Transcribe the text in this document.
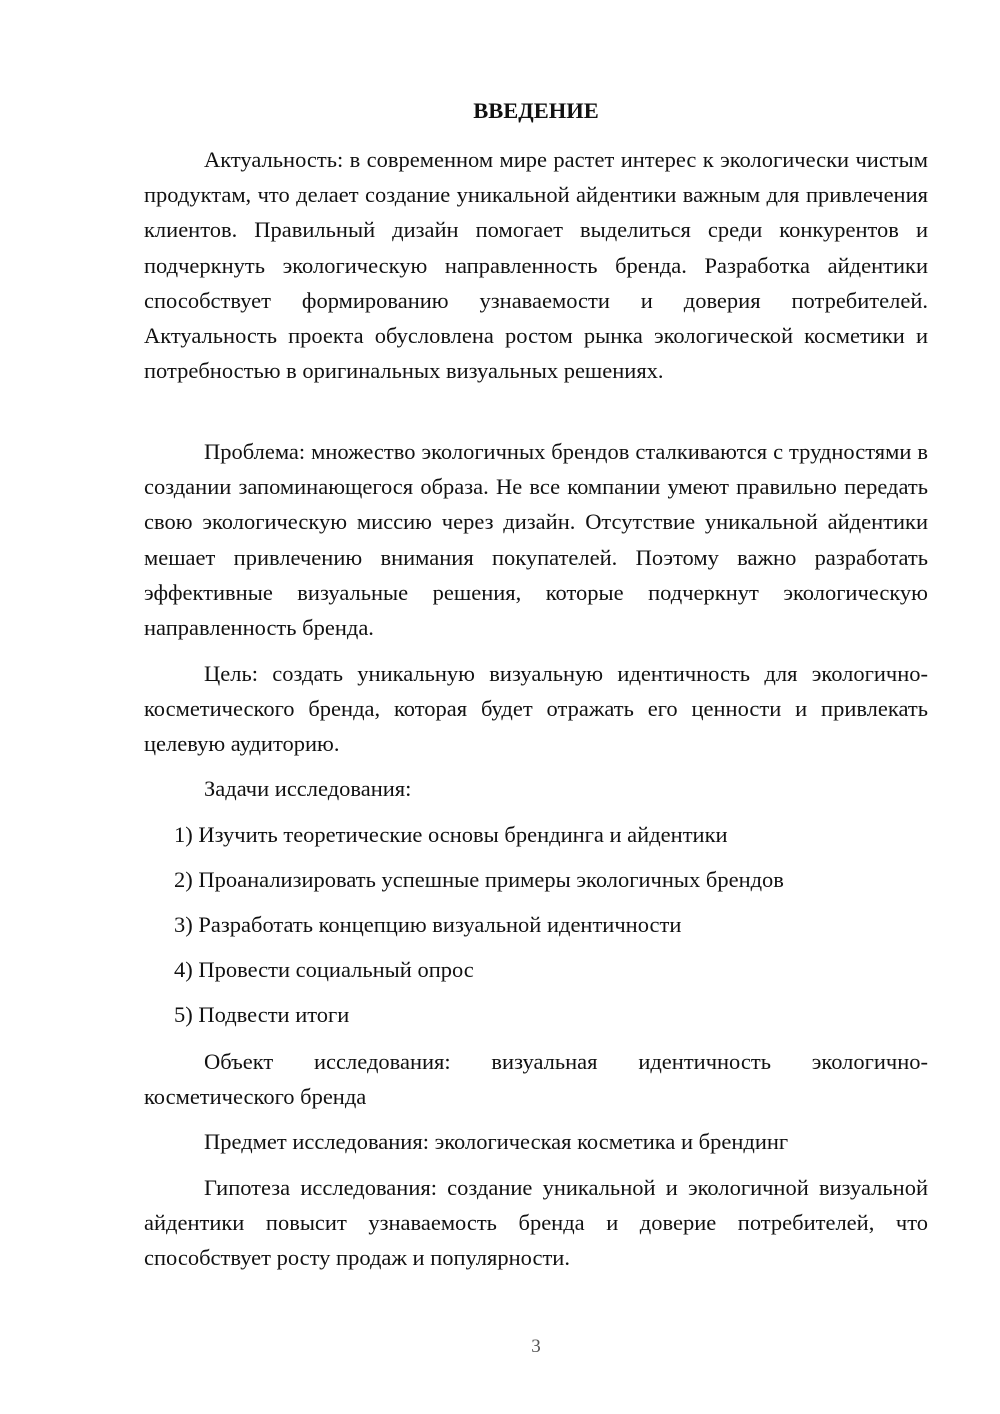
ВВЕДЕНИЕ

Актуальность: в современном мире растет интерес к экологически чистым продуктам, что делает создание уникальной айдентики важным для привлечения клиентов. Правильный дизайн помогает выделиться среди конкурентов и подчеркнуть экологическую направленность бренда. Разработка айдентики способствует формированию узнаваемости и доверия потребителей. Актуальность проекта обусловлена ростом рынка экологической косметики и потребностью в оригинальных визуальных решениях.

Проблема: множество экологичных брендов сталкиваются с трудностями в создании запоминающегося образа. Не все компании умеют правильно передать свою экологическую миссию через дизайн. Отсутствие уникальной айдентики мешает привлечению внимания покупателей. Поэтому важно разработать эффективные визуальные решения, которые подчеркнут экологическую направленность бренда.

Цель: создать уникальную визуальную идентичность для экологично-косметического бренда, которая будет отражать его ценности и привлекать целевую аудиторию.

Задачи исследования:

1) Изучить теоретические основы брендинга и айдентики

2) Проанализировать успешные примеры экологичных брендов

3) Разработать концепцию визуальной идентичности

4) Провести социальный опрос

5) Подвести итоги

Объект исследования: визуальная идентичность экологично-косметического бренда

Предмет исследования: экологическая косметика и брендинг

Гипотеза исследования: создание уникальной и экологичной визуальной айдентики повысит узнаваемость бренда и доверие потребителей, что способствует росту продаж и популярности.

3
